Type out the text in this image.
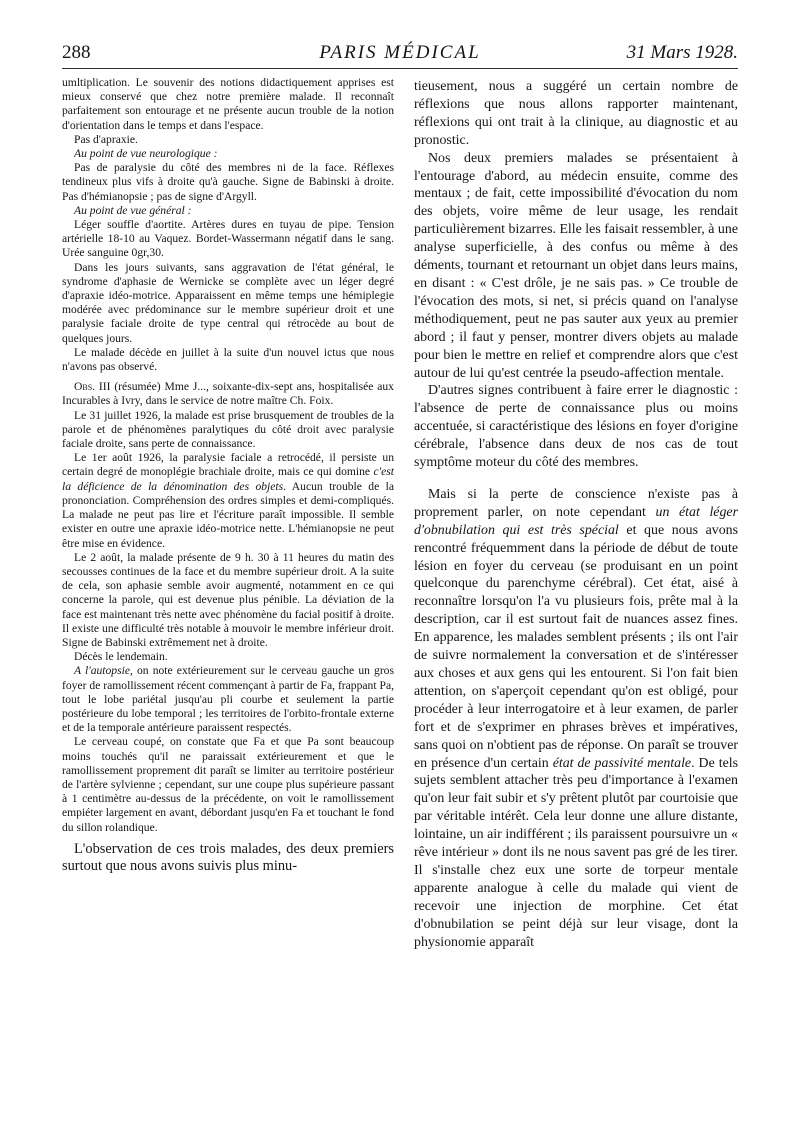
288	PARIS MÉDICAL	31 Mars 1928.

umltiplication. Le souvenir des notions didactiquement apprises est mieux conservé que chez notre première malade. Il reconnaît parfaitement son entourage et ne présente aucun trouble de la notion d'orientation dans le temps et dans l'espace.

Pas d'apraxie.

Au point de vue neurologique :

Pas de paralysie du côté des membres ni de la face. Réflexes tendineux plus vifs à droite qu'à gauche. Signe de Babinski à droite. Pas d'hémianopsie ; pas de signe d'Argyll.

Au point de vue général :

Léger souffle d'aortite. Artères dures en tuyau de pipe. Tension artérielle 18-10 au Vaquez. Bordet-Wassermann négatif dans le sang. Urée sanguine 0gr,30.

Dans les jours suivants, sans aggravation de l'état général, le syndrome d'aphasie de Wernicke se complète avec un léger degré d'apraxie idéo-motrice. Apparaissent en même temps une hémiplegie modérée avec prédominance sur le membre supérieur droit et une paralysie faciale droite de type central qui rétrocède au bout de quelques jours.

Le malade décède en juillet à la suite d'un nouvel ictus que nous n'avons pas observé.

Obs. III (résumée) Mme J..., soixante-dix-sept ans, hospitalisée aux Incurables à Ivry, dans le service de notre maître Ch. Foix.

Le 31 juillet 1926, la malade est prise brusquement de troubles de la parole et de phénomènes paralytiques du côté droit avec paralysie faciale droite, sans perte de connaissance.

Le 1er août 1926, la paralysie faciale a retrocédé, il persiste un certain degré de monoplégie brachiale droite, mais ce qui domine c'est la déficience de la dénomination des objets. Aucun trouble de la prononciation. Compréhension des ordres simples et demi-compliqués. La malade ne peut pas lire et l'écriture paraît impossible. Il semble exister en outre une apraxie idéo-motrice nette. L'hémianopsie ne peut être mise en évidence.

Le 2 août, la malade présente de 9 h. 30 à 11 heures du matin des secousses continues de la face et du membre supérieur droit. A la suite de cela, son aphasie semble avoir augmenté, notamment en ce qui concerne la parole, qui est devenue plus pénible. La déviation de la face est maintenant très nette avec phénomène du facial positif à droite. Il existe une difficulté très notable à mouvoir le membre inférieur droit. Signe de Babinski extrêmement net à droite.

Décès le lendemain.

A l'autopsie, on note extérieurement sur le cerveau gauche un gros foyer de ramollissement récent commençant à partir de Fa, frappant Pa, tout le lobe pariétal jusqu'au pli courbe et seulement la partie postérieure du lobe temporal ; les territoires de l'orbito-frontale externe et de la temporale antérieure paraissent respectés.

Le cerveau coupé, on constate que Fa et que Pa sont beaucoup moins touchés qu'il ne paraissait extérieurement et que le ramollissement proprement dit paraît se limiter au territoire postérieur de l'artère sylvienne ; cependant, sur une coupe plus supérieure passant à 1 centimètre au-dessus de la précédente, on voit le ramollissement empiéter largement en avant, débordant jusqu'en Fa et touchant le fond du sillon rolandique.

L'observation de ces trois malades, des deux premiers surtout que nous avons suivis plus minu-

tieusement, nous a suggéré un certain nombre de réflexions que nous allons rapporter maintenant, réflexions qui ont trait à la clinique, au diagnostic et au pronostic.

Nos deux premiers malades se présentaient à l'entourage d'abord, au médecin ensuite, comme des mentaux ; de fait, cette impossibilité d'évocation du nom des objets, voire même de leur usage, les rendait particulièrement bizarres. Elle les faisait ressembler, à une analyse superficielle, à des confus ou même à des déments, tournant et retournant un objet dans leurs mains, en disant : « C'est drôle, je ne sais pas. » Ce trouble de l'évocation des mots, si net, si précis quand on l'analyse méthodiquement, peut ne pas sauter aux yeux au premier abord ; il faut y penser, montrer divers objets au malade pour bien le mettre en relief et comprendre alors que c'est autour de lui qu'est centrée la pseudo-affection mentale.

D'autres signes contribuent à faire errer le diagnostic : l'absence de perte de connaissance plus ou moins accentuée, si caractéristique des lésions en foyer d'origine cérébrale, l'absence dans deux de nos cas de tout symptôme moteur du côté des membres.

Mais si la perte de conscience n'existe pas à proprement parler, on note cependant un état léger d'obnubilation qui est très spécial et que nous avons rencontré fréquemment dans la période de début de toute lésion en foyer du cerveau (se produisant en un point quelconque du parenchyme cérébral). Cet état, aisé à reconnaître lorsqu'on l'a vu plusieurs fois, prête mal à la description, car il est surtout fait de nuances assez fines. En apparence, les malades semblent présents ; ils ont l'air de suivre normalement la conversation et de s'intéresser aux choses et aux gens qui les entourent. Si l'on fait bien attention, on s'aperçoit cependant qu'on est obligé, pour procéder à leur interrogatoire et à leur examen, de parler fort et de s'exprimer en phrases brèves et impératives, sans quoi on n'obtient pas de réponse. On paraît se trouver en présence d'un certain état de passivité mentale. De tels sujets semblent attacher très peu d'importance à l'examen qu'on leur fait subir et s'y prêtent plutôt par courtoisie que par véritable intérêt. Cela leur donne une allure distante, lointaine, un air indifférent ; ils paraissent poursuivre un « rêve intérieur » dont ils ne nous savent pas gré de les tirer. Il s'installe chez eux une sorte de torpeur mentale apparente analogue à celle du malade qui vient de recevoir une injection de morphine. Cet état d'obnubilation se peint déjà sur leur visage, dont la physionomie apparaît
